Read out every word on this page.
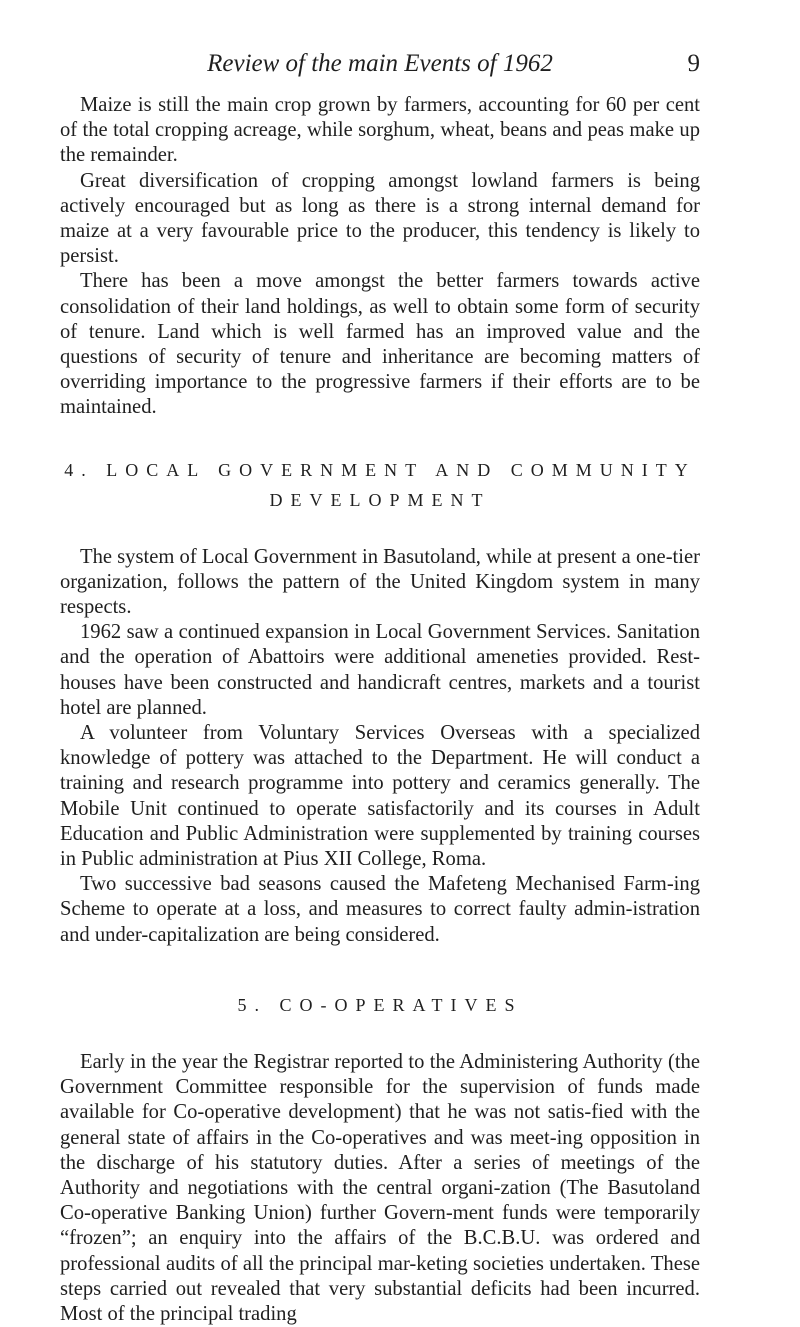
Review of the main Events of 1962	9

Maize is still the main crop grown by farmers, accounting for 60 per cent of the total cropping acreage, while sorghum, wheat, beans and peas make up the remainder.

Great diversification of cropping amongst lowland farmers is being actively encouraged but as long as there is a strong internal demand for maize at a very favourable price to the producer, this tendency is likely to persist.

There has been a move amongst the better farmers towards active consolidation of their land holdings, as well to obtain some form of security of tenure. Land which is well farmed has an improved value and the questions of security of tenure and inheritance are becoming matters of overriding importance to the progressive farmers if their efforts are to be maintained.

4. LOCAL GOVERNMENT AND COMMUNITY
DEVELOPMENT

The system of Local Government in Basutoland, while at present a one-tier organization, follows the pattern of the United Kingdom system in many respects.

1962 saw a continued expansion in Local Government Services. Sanitation and the operation of Abattoirs were additional ameneties provided. Rest-houses have been constructed and handicraft centres, markets and a tourist hotel are planned.

A volunteer from Voluntary Services Overseas with a specialized knowledge of pottery was attached to the Department. He will conduct a training and research programme into pottery and ceramics generally. The Mobile Unit continued to operate satisfactorily and its courses in Adult Education and Public Administration were supplemented by training courses in Public administration at Pius XII College, Roma.

Two successive bad seasons caused the Mafeteng Mechanised Farm-ing Scheme to operate at a loss, and measures to correct faulty admin-istration and under-capitalization are being considered.

5. CO-OPERATIVES

Early in the year the Registrar reported to the Administering Authority (the Government Committee responsible for the supervision of funds made available for Co-operative development) that he was not satis-fied with the general state of affairs in the Co-operatives and was meet-ing opposition in the discharge of his statutory duties. After a series of meetings of the Authority and negotiations with the central organi-zation (The Basutoland Co-operative Banking Union) further Govern-ment funds were temporarily “frozen”; an enquiry into the affairs of the B.C.B.U. was ordered and professional audits of all the principal mar-keting societies undertaken. These steps carried out revealed that very substantial deficits had been incurred. Most of the principal trading
